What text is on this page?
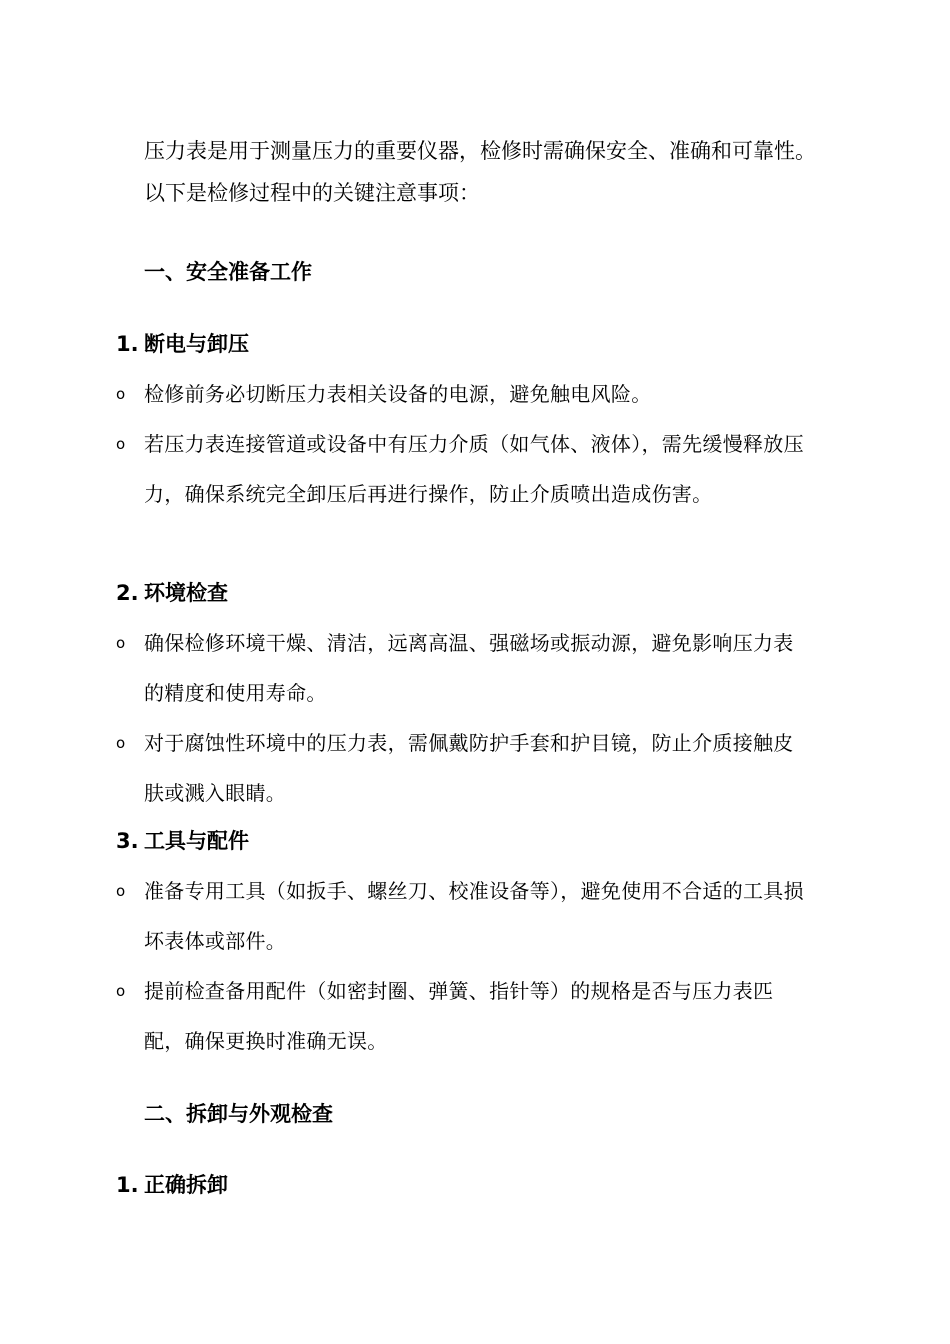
压力表是用于测量压力的重要仪器，检修时需确保安全、准确和可靠性。以下是检修过程中的关键注意事项：

一、安全准备工作
1. 断电与卸压
o 检修前务必切断压力表相关设备的电源，避免触电风险。
o 若压力表连接管道或设备中有压力介质（如气体、液体），需先缓慢释放压力，确保系统完全卸压后再进行操作，防止介质喷出造成伤害。
2. 环境检查
o 确保检修环境干燥、清洁，远离高温、强磁场或振动源，避免影响压力表的精度和使用寿命。
o 对于腐蚀性环境中的压力表，需佩戴防护手套和护目镜，防止介质接触皮肤或溅入眼睛。
3. 工具与配件
o 准备专用工具（如扳手、螺丝刀、校准设备等），避免使用不合适的工具损坏表体或部件。
o 提前检查备用配件（如密封圈、弹簧、指针等）的规格是否与压力表匹配，确保更换时准确无误。
二、拆卸与外观检查
1. 正确拆卸
